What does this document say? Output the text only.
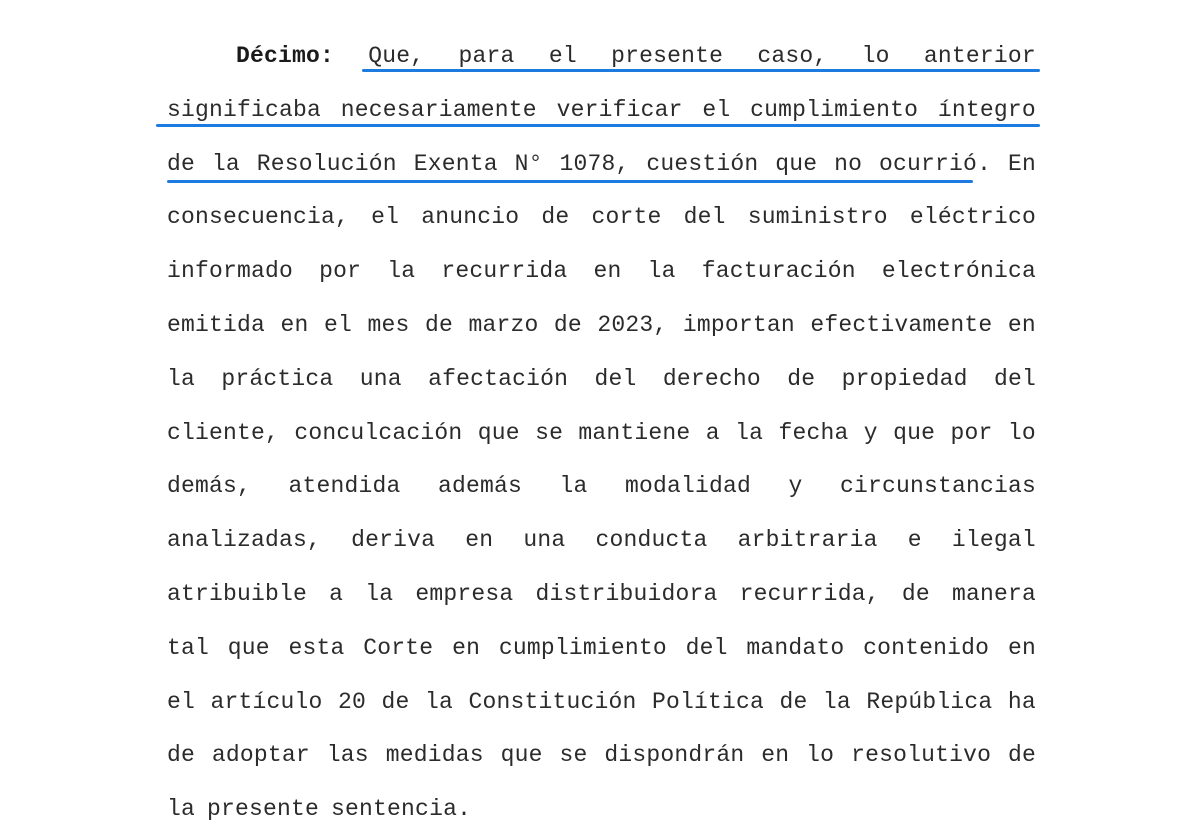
Décimo: Que, para el presente caso, lo anterior
significaba necesariamente verificar el cumplimiento íntegro
de la Resolución Exenta N° 1078, cuestión que no ocurrió. En
consecuencia, el anuncio de corte del suministro eléctrico
informado por la recurrida en la facturación electrónica
emitida en el mes de marzo de 2023, importan efectivamente en
la práctica una afectación del derecho de propiedad del
cliente, conculcación que se mantiene a la fecha y que por lo
demás, atendida además la modalidad y circunstancias
analizadas, deriva en una conducta arbitraria e ilegal
atribuible a la empresa distribuidora recurrida, de manera
tal que esta Corte en cumplimiento del mandato contenido en
el artículo 20 de la Constitución Política de la República ha
de adoptar las medidas que se dispondrán en lo resolutivo de
la presente sentencia.
